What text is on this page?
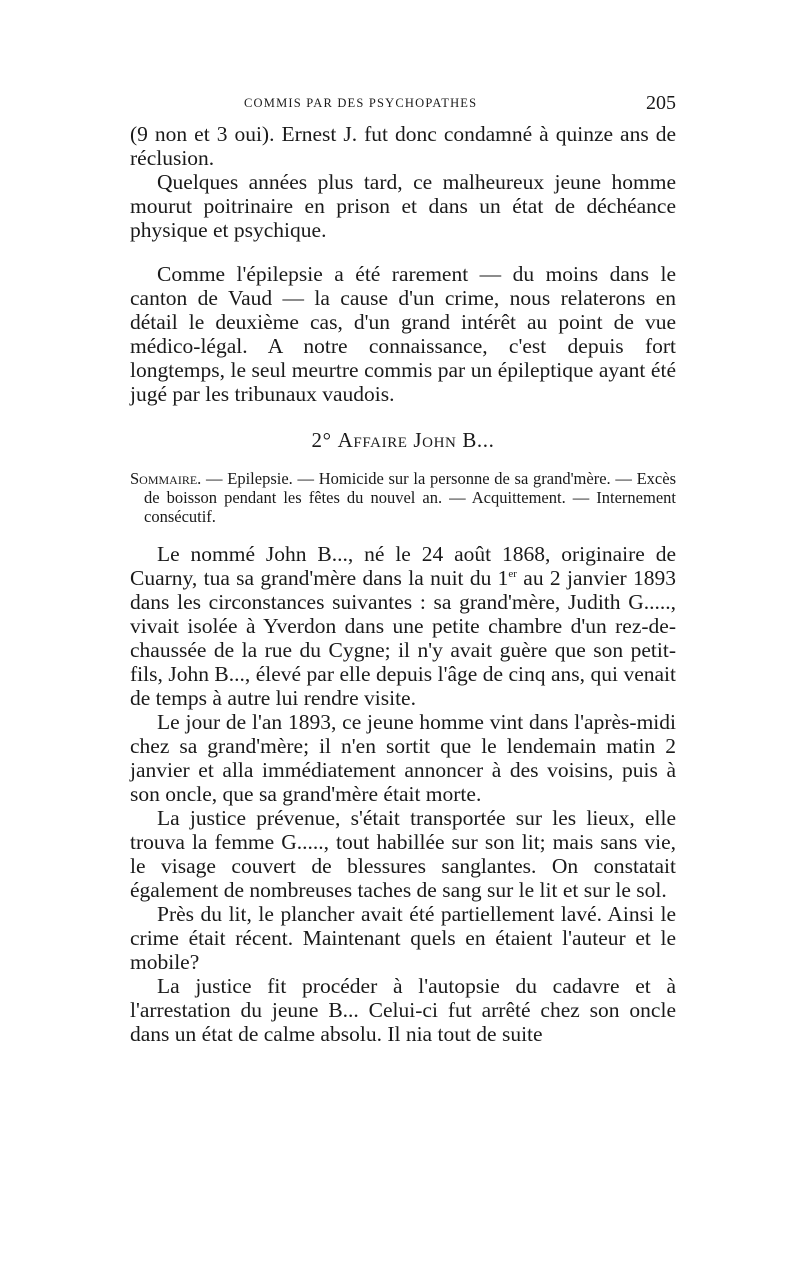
COMMIS PAR DES PSYCHOPATHES	205

(9 non et 3 oui). Ernest J. fut donc condamné à quinze ans de réclusion.

Quelques années plus tard, ce malheureux jeune homme mourut poitrinaire en prison et dans un état de déchéance physique et psychique.

Comme l'épilepsie a été rarement — du moins dans le canton de Vaud — la cause d'un crime, nous relaterons en détail le deuxième cas, d'un grand intérêt au point de vue médico-légal. A notre connaissance, c'est depuis fort longtemps, le seul meurtre commis par un épileptique ayant été jugé par les tribunaux vaudois.

2° Affaire John B...
Sommaire. — Epilepsie. — Homicide sur la personne de sa grand'mère. — Excès de boisson pendant les fêtes du nouvel an. — Acquittement. — Internement consécutif.

Le nommé John B..., né le 24 août 1868, originaire de Cuarny, tua sa grand'mère dans la nuit du 1er au 2 janvier 1893 dans les circonstances suivantes : sa grand'mère, Judith G....., vivait isolée à Yverdon dans une petite chambre d'un rez-de-chaussée de la rue du Cygne; il n'y avait guère que son petit-fils, John B..., élevé par elle depuis l'âge de cinq ans, qui venait de temps à autre lui rendre visite.

Le jour de l'an 1893, ce jeune homme vint dans l'après-midi chez sa grand'mère; il n'en sortit que le lendemain matin 2 janvier et alla immédiatement annoncer à des voisins, puis à son oncle, que sa grand'mère était morte.

La justice prévenue, s'était transportée sur les lieux, elle trouva la femme G....., tout habillée sur son lit; mais sans vie, le visage couvert de blessures sanglantes. On constatait également de nombreuses taches de sang sur le lit et sur le sol.

Près du lit, le plancher avait été partiellement lavé. Ainsi le crime était récent. Maintenant quels en étaient l'auteur et le mobile?

La justice fit procéder à l'autopsie du cadavre et à l'arrestation du jeune B... Celui-ci fut arrêté chez son oncle dans un état de calme absolu. Il nia tout de suite
